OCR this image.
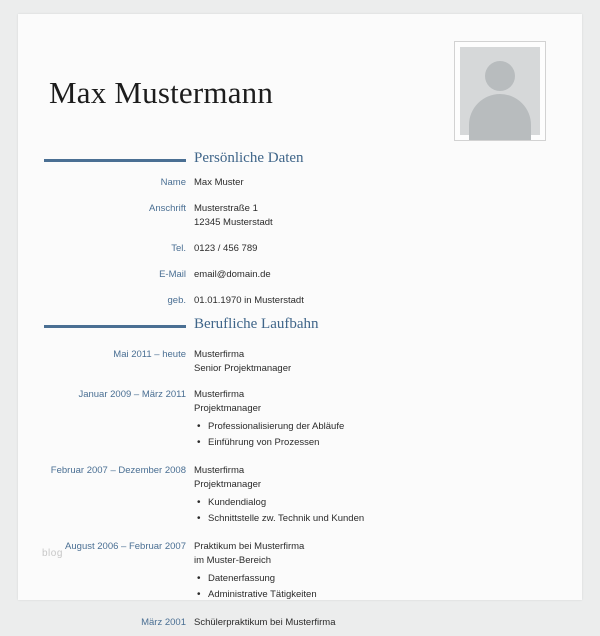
Max Mustermann
Persönliche Daten
Name Max Muster
Anschrift Musterstraße 1
12345 Musterstadt
Tel. 0123 / 456 789
E-Mail email@domain.de
geb. 01.01.1970 in Musterstadt
Berufliche Laufbahn
Mai 2011 – heute Musterfirma
Senior Projektmanager
Januar 2009 – März 2011 Musterfirma
Projektmanager
• Professionalisierung der Abläufe
• Einführung von Prozessen
Februar 2007 – Dezember 2008 Musterfirma
Projektmanager
• Kundendialog
• Schnittstelle zw. Technik und Kunden
August 2006 – Februar 2007 Praktikum bei Musterfirma
im Muster-Bereich
• Datenerfassung
• Administrative Tätigkeiten
März 2001 Schülerpraktikum bei Musterfirma
blog
